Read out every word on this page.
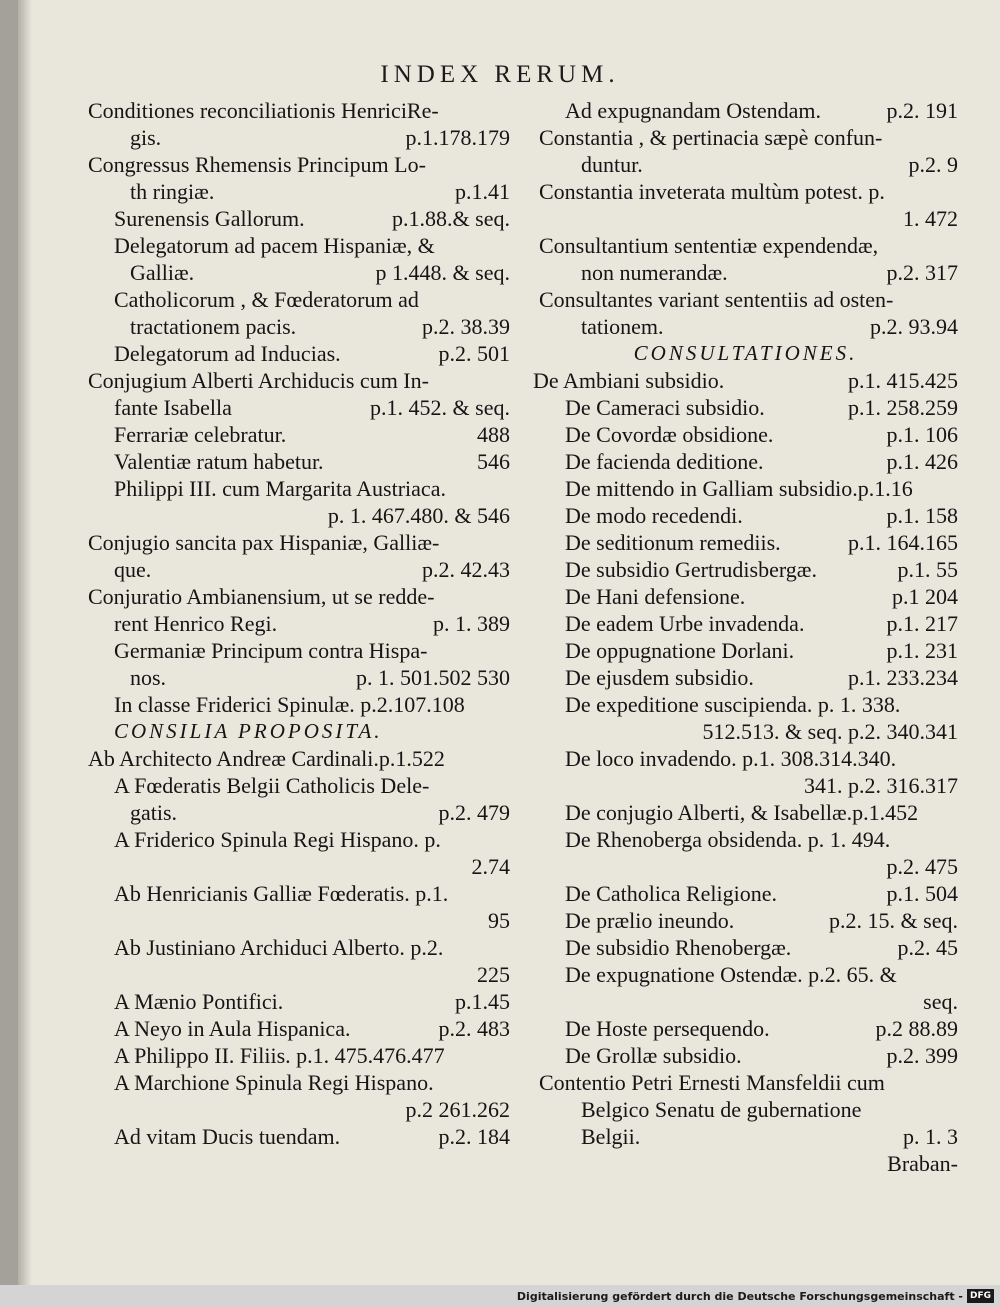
INDEX RERUM.
Conditiones reconciliationis HenriciRe-
gis.	p.1.178.179
Congressus Rhemensis Principum Lo-
th ringiæ.	p.1.41
Surenensis Gallorum.	p.1.88.& seq.
Delegatorum ad pacem Hispaniæ, &
Galliæ.	p 1.448. & seq.
Catholicorum , & Fœderatorum ad
tractationem pacis.	p.2. 38.39
Delegatorum ad Inducias.	p.2. 501
Conjugium Alberti Archiducis cum In-
fante Isabella	p.1. 452. & seq.
Ferrariæ celebratur.	488
Valentiæ ratum habetur.	546
Philippi III. cum Margarita Austriaca.
p. 1. 467.480. & 546
Conjugio sancita pax Hispaniæ, Galliæ-
que.	p.2. 42.43
Conjuratio Ambianensium, ut se redde-
rent Henrico Regi.	p. 1. 389
Germaniæ Principum contra Hispa-
nos.	p. 1. 501.502 530
In classe Friderici Spinulæ. p.2.107.108
CONSILIA PROPOSITA.
Ab Architecto Andreæ Cardinali.p.1.522
A Fœderatis Belgii Catholicis Dele-
gatis.	p.2. 479
A Friderico Spinula Regi Hispano. p.
2.74
Ab Henricianis Galliæ Fœderatis. p.1.
95
Ab Justiniano Archiduci Alberto. p.2.
225
A Mænio Pontifici.	p.1.45
A Neyo in Aula Hispanica.	p.2. 483
A Philippo II. Filiis. p.1. 475.476.477
A Marchione Spinula Regi Hispano.
p.2 261.262
Ad vitam Ducis tuendam.	p.2. 184
Ad expugnandam Ostendam.	p.2. 191
Constantia , & pertinacia sæpè confun-
duntur.	p.2. 9
Constantia inveterata multùm potest. p.
1. 472
Consultantium sententiæ expendendæ,
non numerandæ.	p.2. 317
Consultantes variant sententiis ad osten-
tationem.	p.2. 93.94
CONSULTATIONES.
De Ambiani subsidio.	p.1. 415.425
De Cameraci subsidio.	p.1. 258.259
De Covordæ obsidione.	p.1. 106
De facienda deditione.	p.1. 426
De mittendo in Galliam subsidio.p.1.16
De modo recedendi.	p.1. 158
De seditionum remediis.	p.1. 164.165
De subsidio Gertrudisbergæ.	p.1. 55
De Hani defensione.	p.1 204
De eadem Urbe invadenda.	p.1. 217
De oppugnatione Dorlani.	p.1. 231
De ejusdem subsidio.	p.1. 233.234
De expeditione suscipienda. p. 1. 338.
512.513. & seq. p.2. 340.341
De loco invadendo. p.1. 308.314.340.
341. p.2. 316.317
De conjugio Alberti, & Isabellæ.p.1.452
De Rhenoberga obsidenda. p. 1. 494.
p.2. 475
De Catholica Religione.	p.1. 504
De prælio ineundo.	p.2. 15. & seq.
De subsidio Rhenobergæ.	p.2. 45
De expugnatione Ostendæ. p.2. 65. &
seq.
De Hoste persequendo.	p.2 88.89
De Grollæ subsidio.	p.2. 399
Contentio Petri Ernesti Mansfeldii cum
Belgico Senatu de gubernatione
Belgii.	p. 1. 3
Braban-
Digitalisierung gefördert durch die Deutsche Forschungsgemeinschaft - DFG
